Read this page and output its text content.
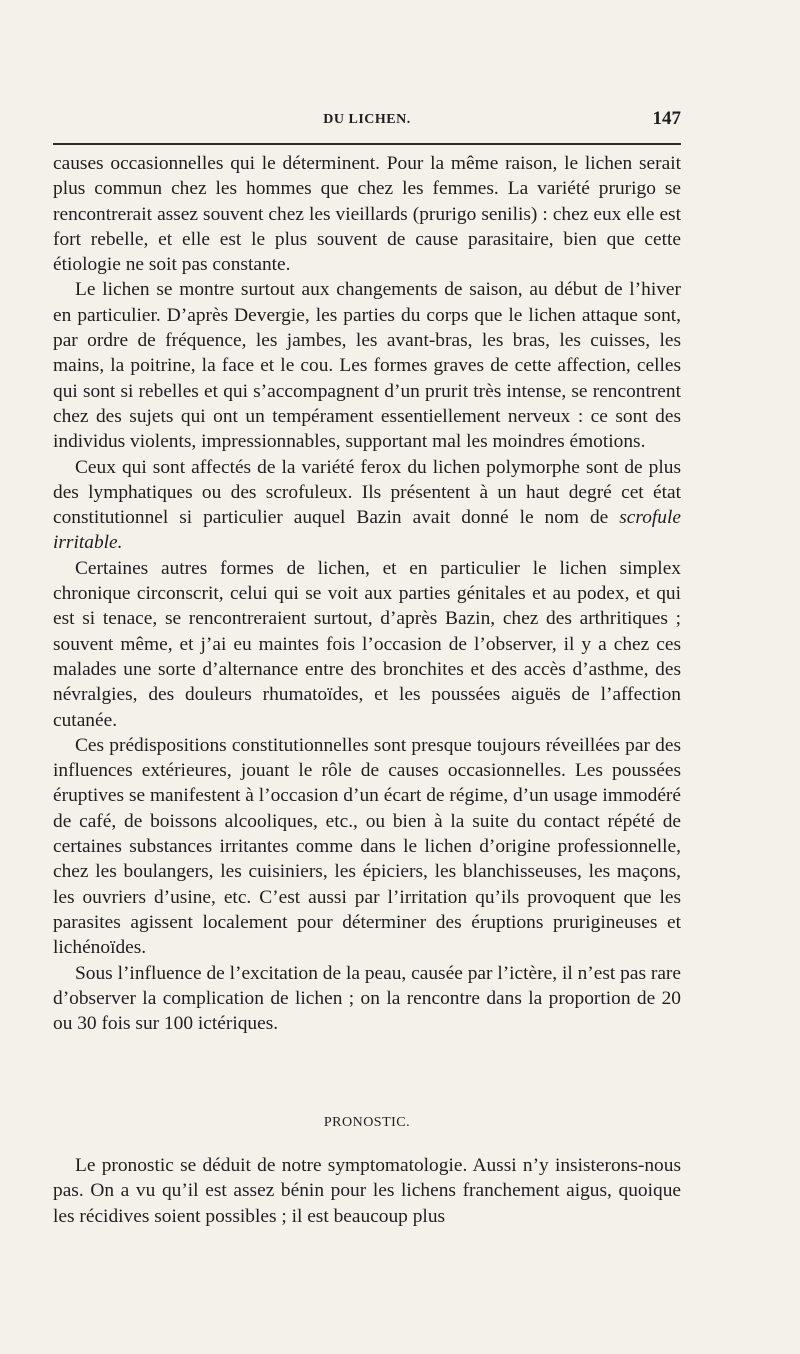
DU LICHEN.	147

causes occasionnelles qui le déterminent. Pour la même raison, le lichen serait plus commun chez les hommes que chez les femmes. La variété prurigo se rencontrerait assez souvent chez les vieillards (prurigo senilis) : chez eux elle est fort rebelle, et elle est le plus souvent de cause parasitaire, bien que cette étiologie ne soit pas constante.

Le lichen se montre surtout aux changements de saison, au début de l’hiver en particulier. D’après Devergie, les parties du corps que le lichen attaque sont, par ordre de fréquence, les jambes, les avant-bras, les bras, les cuisses, les mains, la poitrine, la face et le cou. Les formes graves de cette affection, celles qui sont si rebelles et qui s’accompagnent d’un prurit très intense, se rencontrent chez des sujets qui ont un tempérament essentiellement nerveux : ce sont des individus violents, impressionnables, supportant mal les moindres émotions.

Ceux qui sont affectés de la variété ferox du lichen polymorphe sont de plus des lymphatiques ou des scrofuleux. Ils présentent à un haut degré cet état constitutionnel si particulier auquel Bazin avait donné le nom de scrofule irritable.

Certaines autres formes de lichen, et en particulier le lichen simplex chronique circonscrit, celui qui se voit aux parties génitales et au podex, et qui est si tenace, se rencontreraient surtout, d’après Bazin, chez des arthritiques ; souvent même, et j’ai eu maintes fois l’occasion de l’observer, il y a chez ces malades une sorte d’alternance entre des bronchites et des accès d’asthme, des névralgies, des douleurs rhumatoïdes, et les poussées aiguës de l’affection cutanée.

Ces prédispositions constitutionnelles sont presque toujours réveillées par des influences extérieures, jouant le rôle de causes occasionnelles. Les poussées éruptives se manifestent à l’occasion d’un écart de régime, d’un usage immodéré de café, de boissons alcooliques, etc., ou bien à la suite du contact répété de certaines substances irritantes comme dans le lichen d’origine professionnelle, chez les boulangers, les cuisiniers, les épiciers, les blanchisseuses, les maçons, les ouvriers d’usine, etc. C’est aussi par l’irritation qu’ils provoquent que les parasites agissent localement pour déterminer des éruptions prurigineuses et lichénoïdes.

Sous l’influence de l’excitation de la peau, causée par l’ictère, il n’est pas rare d’observer la complication de lichen ; on la rencontre dans la proportion de 20 ou 30 fois sur 100 ictériques.

PRONOSTIC.

Le pronostic se déduit de notre symptomatologie. Aussi n’y insisterons-nous pas. On a vu qu’il est assez bénin pour les lichens franchement aigus, quoique les récidives soient possibles ; il est beaucoup plus
